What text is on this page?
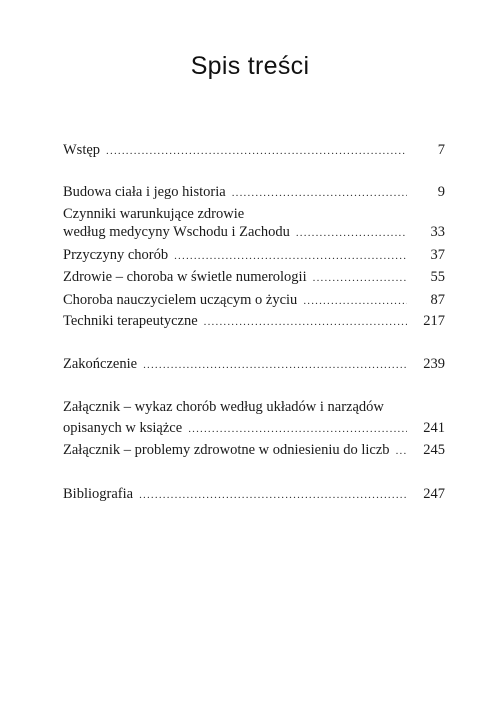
Spis treści
Wstęp .....	7
Budowa ciała i jego historia .....	9
Czynniki warunkujące zdrowie
według medycyny Wschodu i Zachodu .....	33
Przyczyny chorób .....	37
Zdrowie – choroba w świetle numerologii .....	55
Choroba nauczycielem uczącym o życiu .....	87
Techniki terapeutyczne .....	217
Zakończenie .....	239
Załącznik – wykaz chorób według układów i narządów
opisanych w książce .....	241
Załącznik – problemy zdrowotne w odniesieniu do liczb .....	245
Bibliografia .....	247
